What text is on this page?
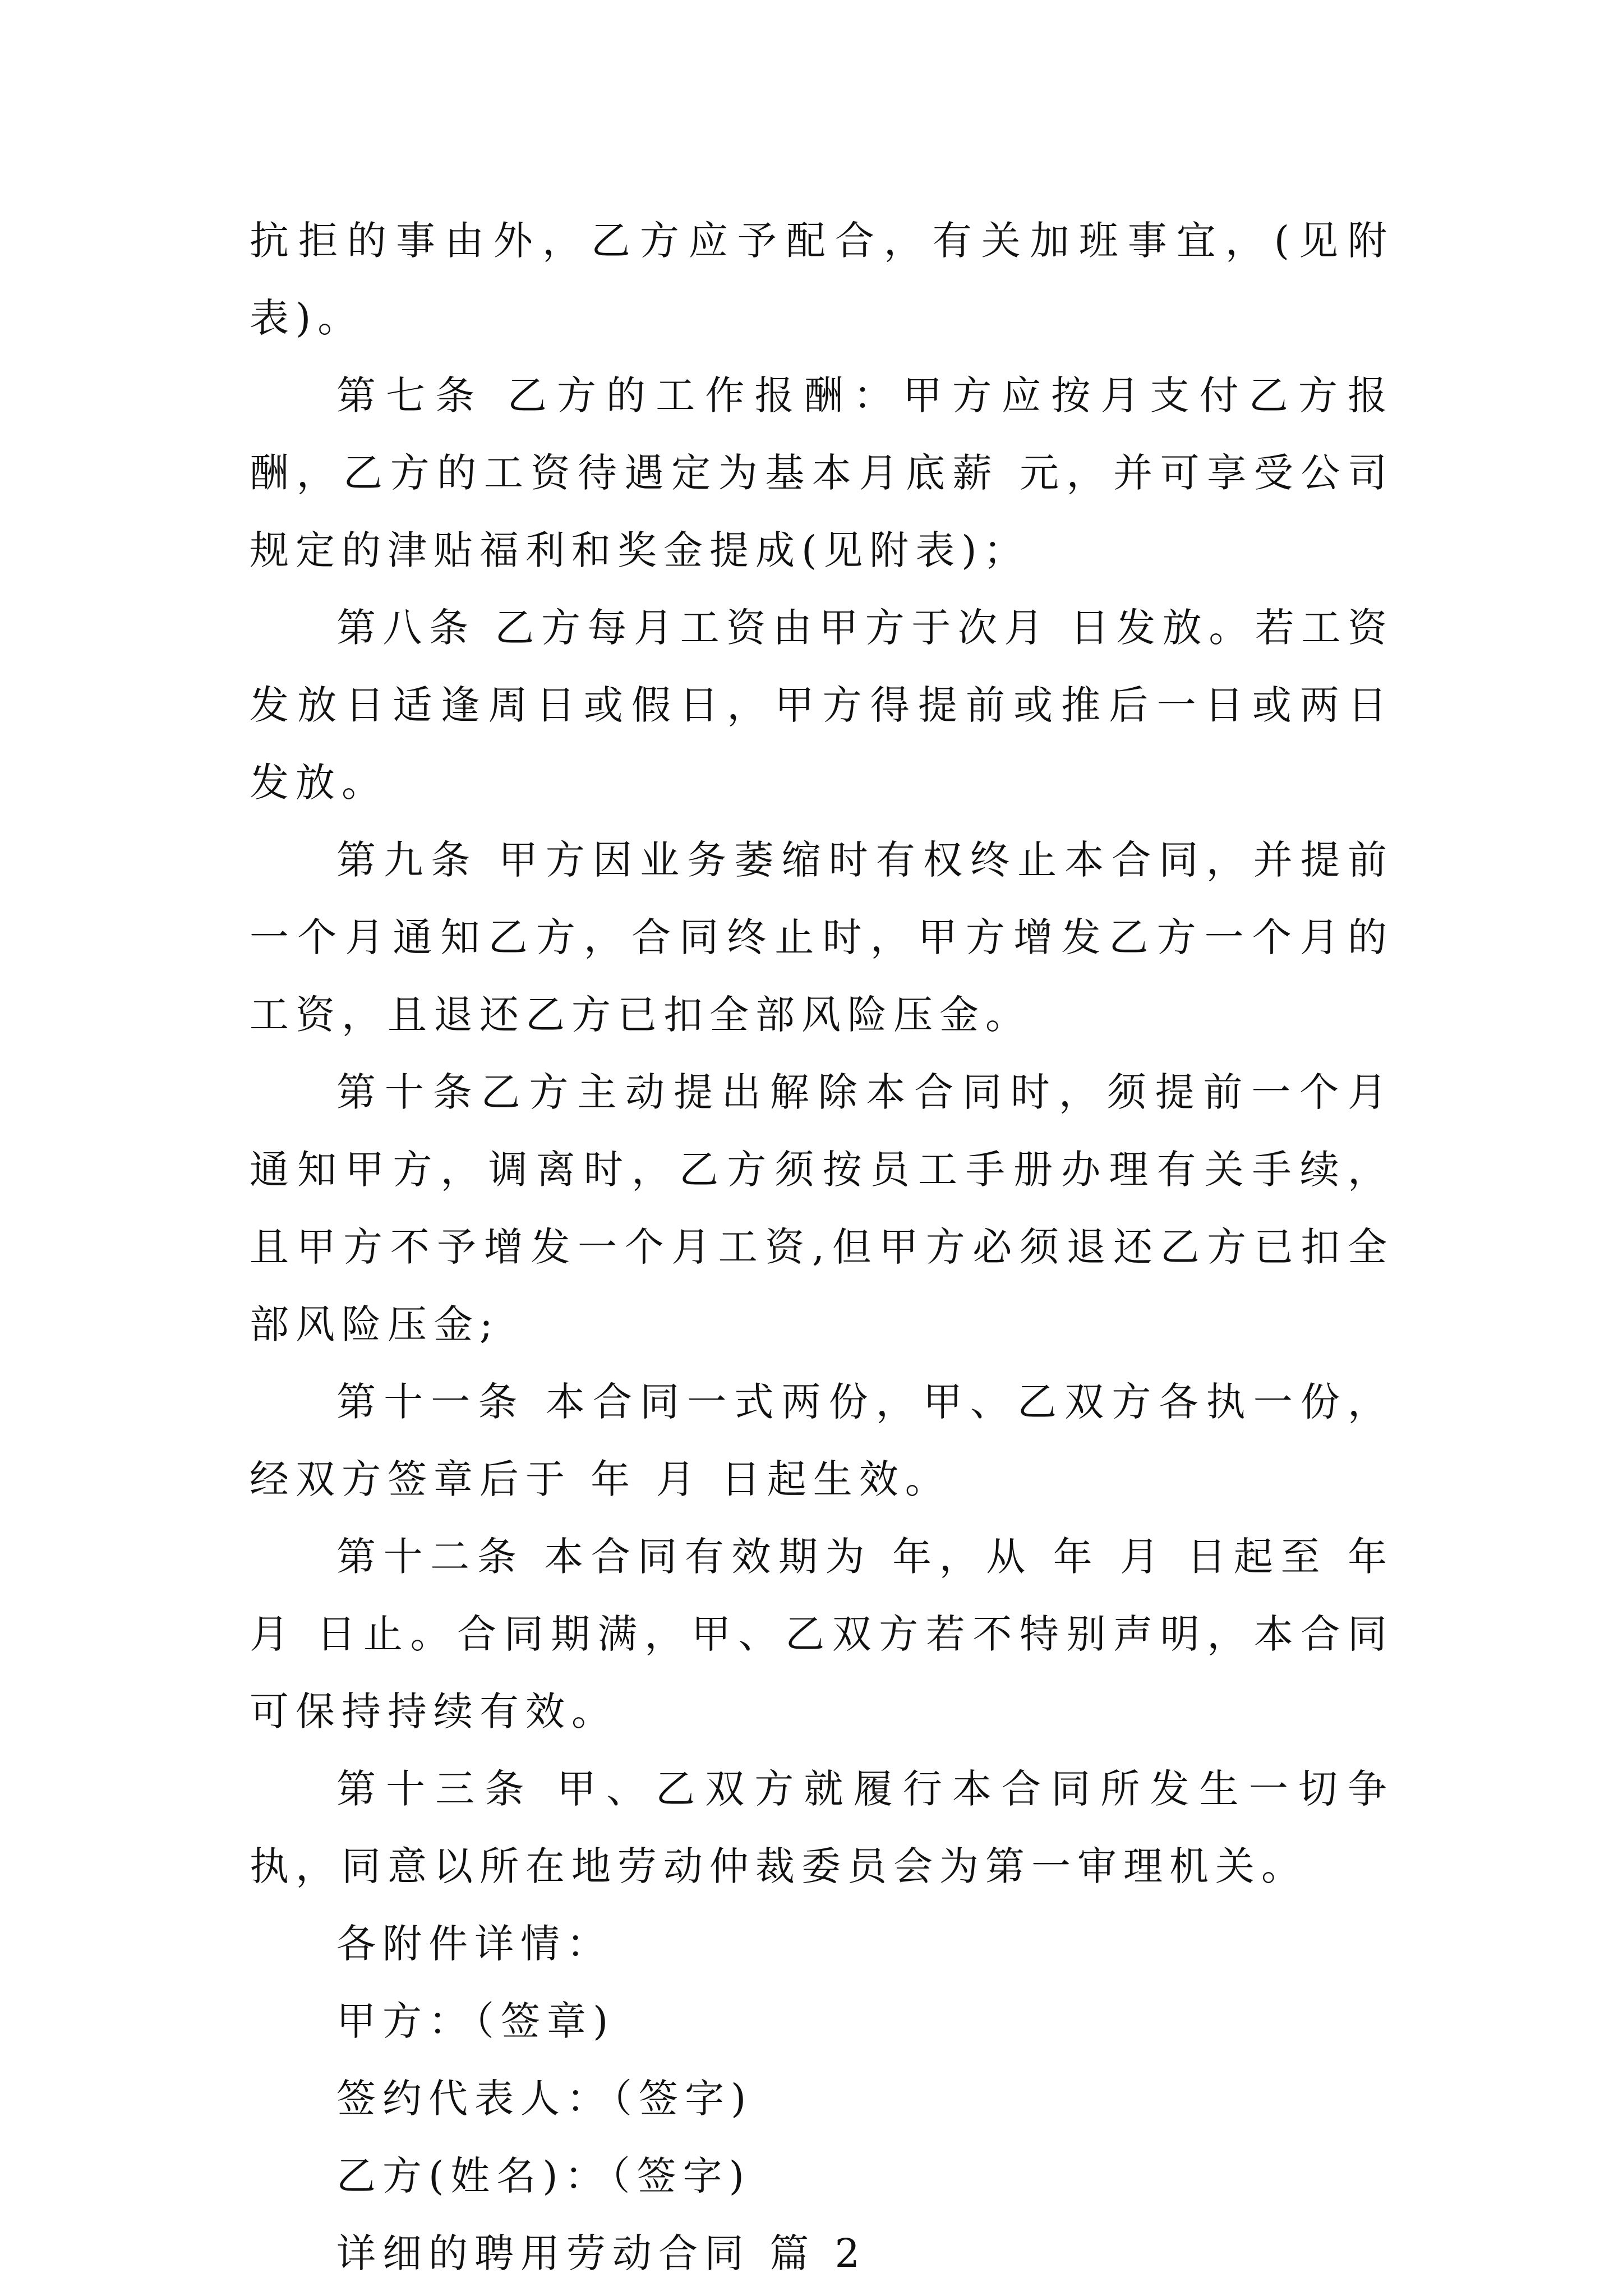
抗拒的事由外，乙方应予配合，有关加班事宜，(见附表)。

第七条 乙方的工作报酬：甲方应按月支付乙方报酬，乙方的工资待遇定为基本月底薪 元，并可享受公司规定的津贴福利和奖金提成(见附表)；

第八条 乙方每月工资由甲方于次月 日发放。若工资发放日适逢周日或假日，甲方得提前或推后一日或两日发放。

第九条 甲方因业务萎缩时有权终止本合同，并提前一个月通知乙方，合同终止时，甲方增发乙方一个月的工资，且退还乙方已扣全部风险压金。

第十条乙方主动提出解除本合同时，须提前一个月通知甲方，调离时，乙方须按员工手册办理有关手续，且甲方不予增发一个月工资,但甲方必须退还乙方已扣全部风险压金;

第十一条 本合同一式两份，甲、乙双方各执一份，经双方签章后于 年 月 日起生效。

第十二条 本合同有效期为 年，从 年 月 日起至 年月 日止。合同期满，甲、乙双方若不特别声明，本合同可保持持续有效。

第十三条 甲、乙双方就履行本合同所发生一切争执，同意以所在地劳动仲裁委员会为第一审理机关。

各附件详情：

甲方：（签章)

签约代表人：（签字)

乙方(姓名)：（签字)

详细的聘用劳动合同 篇 2
